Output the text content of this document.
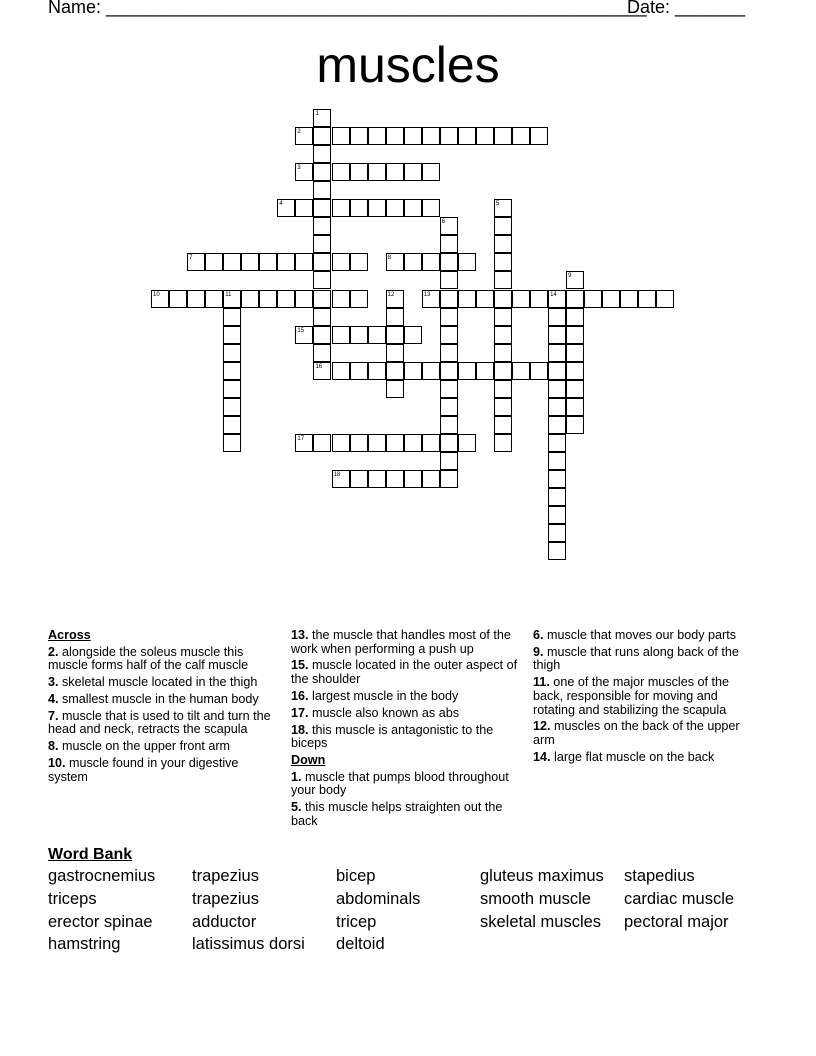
Name: ______________________________________________________
Date: _______
muscles
1
2
3
4	5
6
7	8
9
10	11	12	13	14
15
16
17
18
Across
2. alongside the soleus muscle this muscle forms half of the calf muscle
3. skeletal muscle located in the thigh
4. smallest muscle in the human body
7. muscle that is used to tilt and turn the head and neck, retracts the scapula
8. muscle on the upper front arm
10. muscle found in your digestive system
13. the muscle that handles most of the work when performing a push up
15. muscle located in the outer aspect of the shoulder
16. largest muscle in the body
17. muscle also known as abs
18. this muscle is antagonistic to the biceps
Down
1. muscle that pumps blood throughout your body
5. this muscle helps straighten out the back
6. muscle that moves our body parts
9. muscle that runs along back of the thigh
11. one of the major muscles of the back, responsible for moving and rotating and stabilizing the scapula
12. muscles on the back of the upper arm
14. large flat muscle on the back
Word Bank
gastrocnemius
triceps
erector spinae
hamstring
trapezius
trapezius
adductor
latissimus dorsi
bicep
abdominals
tricep
deltoid
gluteus maximus
smooth muscle
skeletal muscles
stapedius
cardiac muscle
pectoral major
